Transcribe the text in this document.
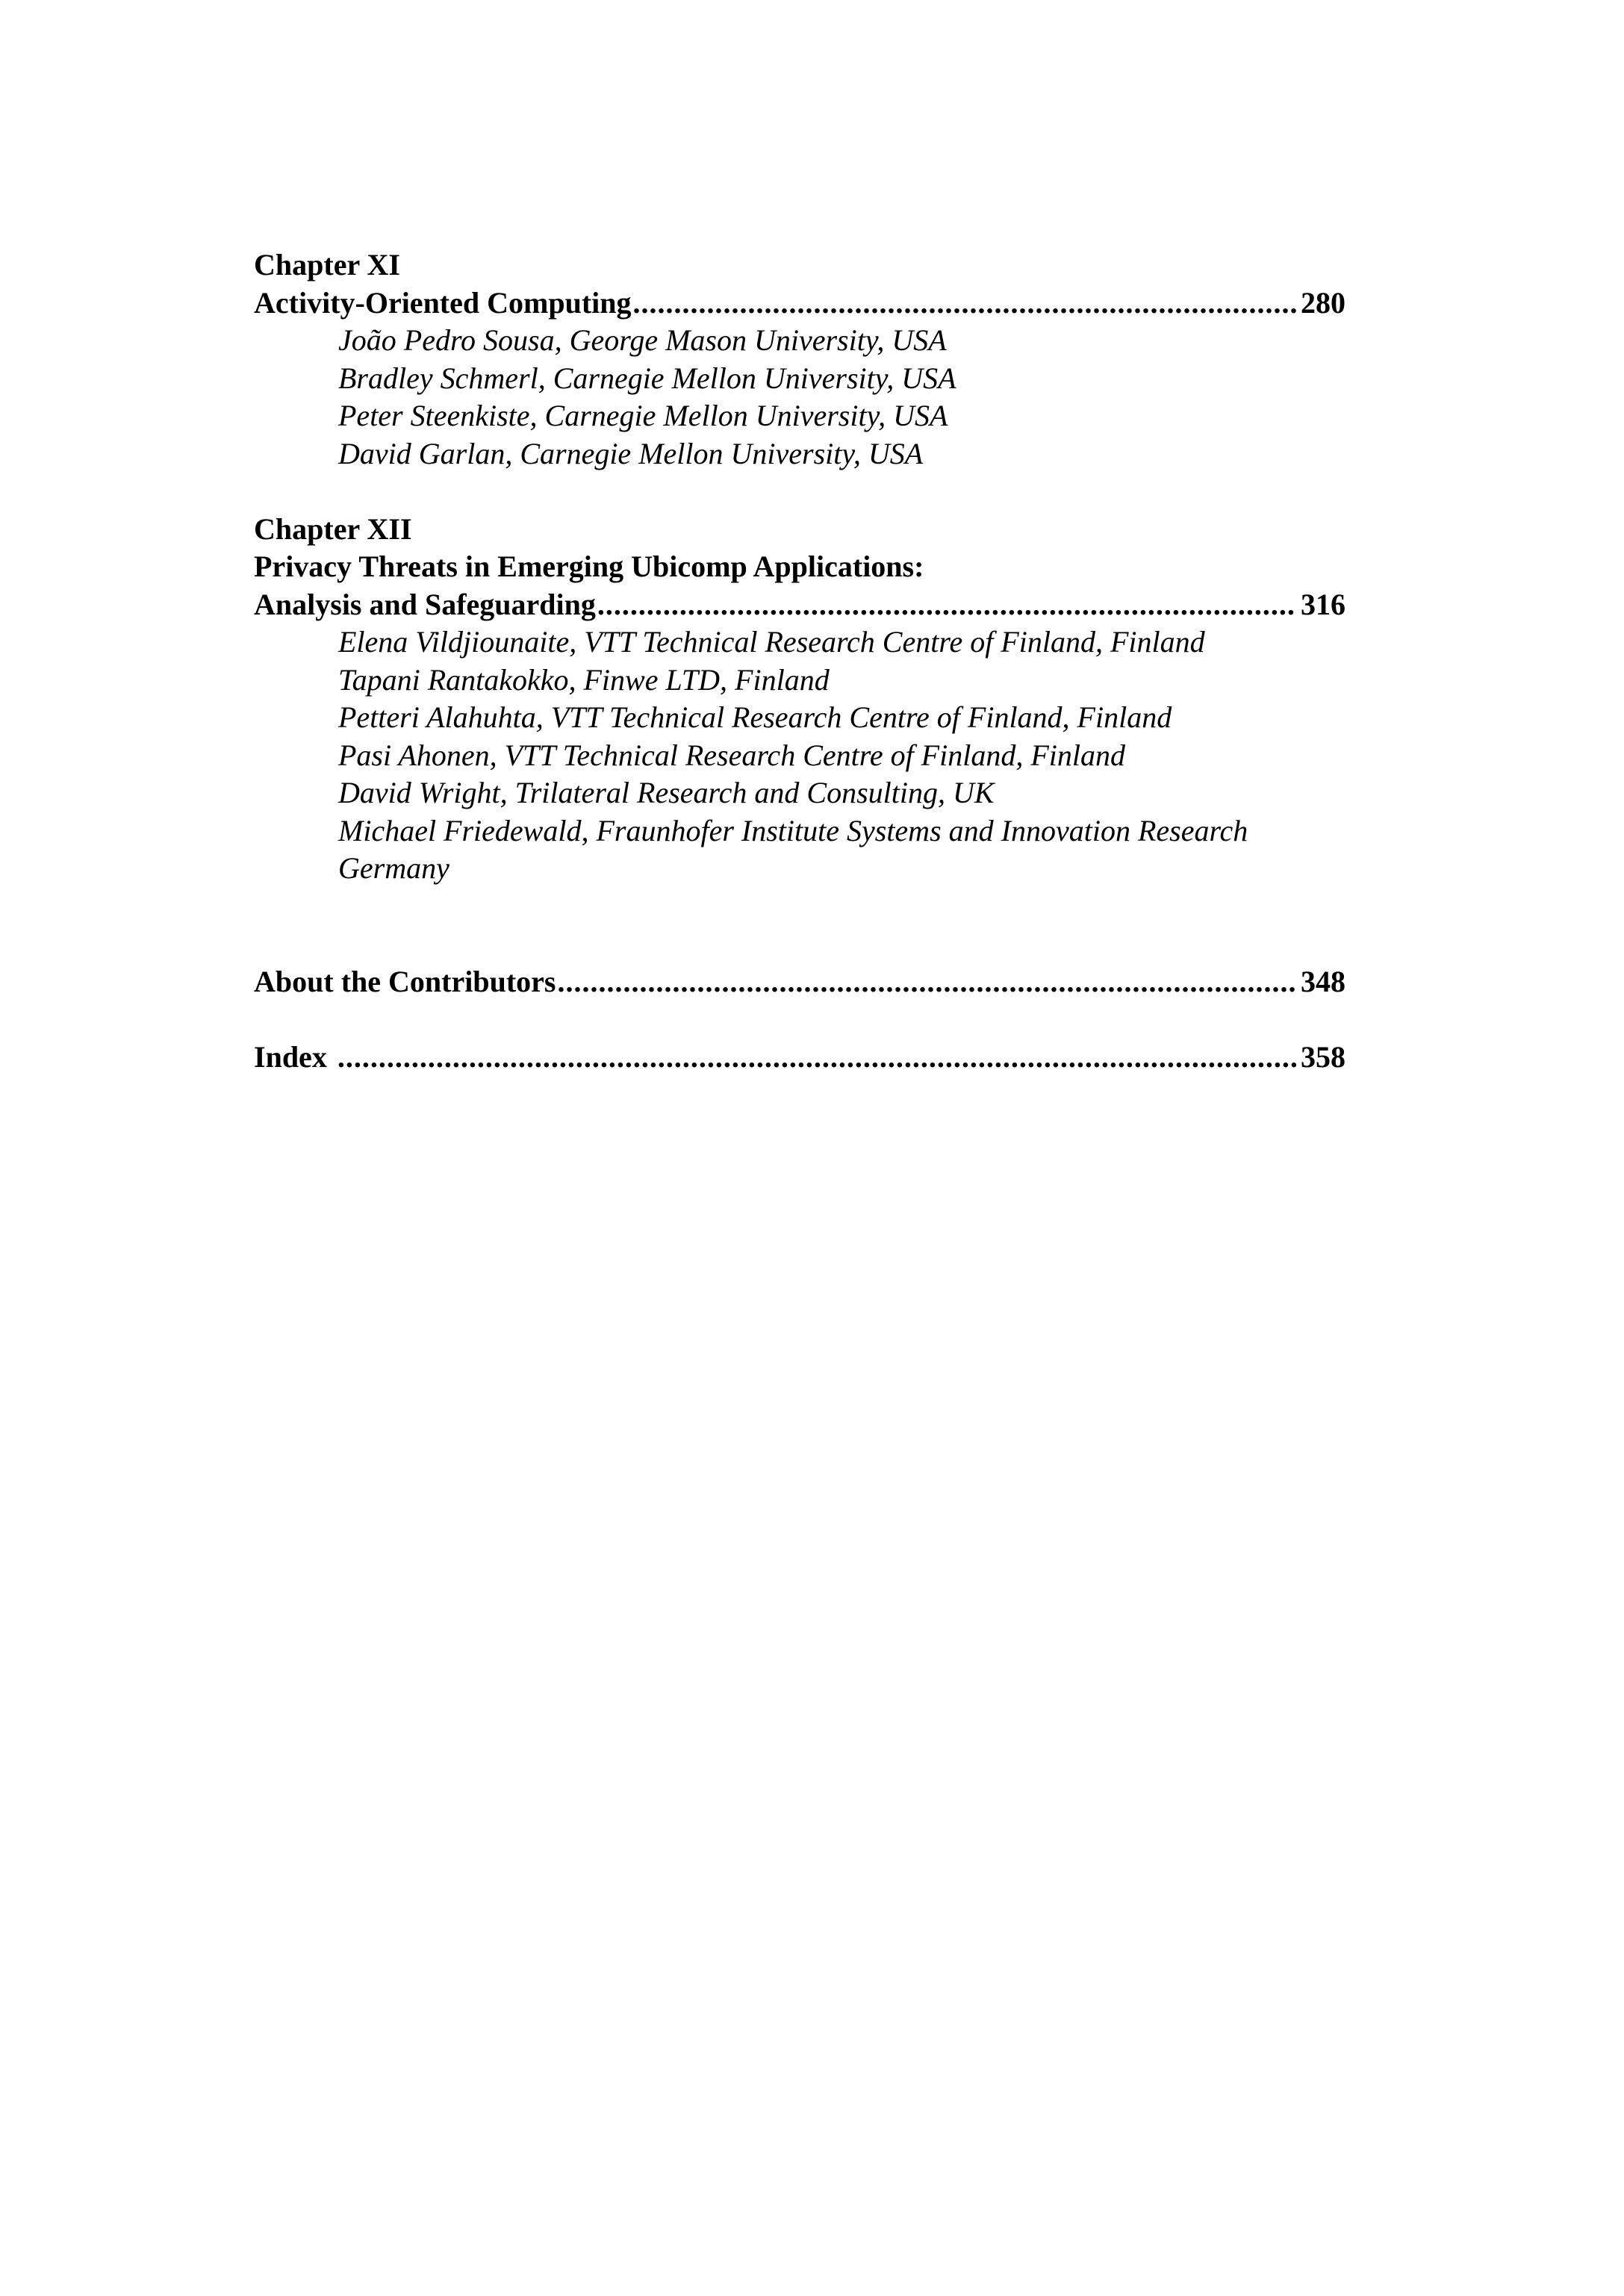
Chapter XI
Activity-Oriented Computing .....	280
João Pedro Sousa, George Mason University, USA
Bradley Schmerl, Carnegie Mellon University, USA
Peter Steenkiste, Carnegie Mellon University, USA
David Garlan, Carnegie Mellon University, USA
Chapter XII
Privacy Threats in Emerging Ubicomp Applications:
Analysis and Safeguarding .....	316
Elena Vildjiounaite, VTT Technical Research Centre of Finland, Finland
Tapani Rantakokko, Finwe LTD, Finland
Petteri Alahuhta, VTT Technical Research Centre of Finland, Finland
Pasi Ahonen, VTT Technical Research Centre of Finland, Finland
David Wright, Trilateral Research and Consulting, UK
Michael Friedewald, Fraunhofer Institute Systems and Innovation Research
Germany
About the Contributors .....	348
Index .....	358
